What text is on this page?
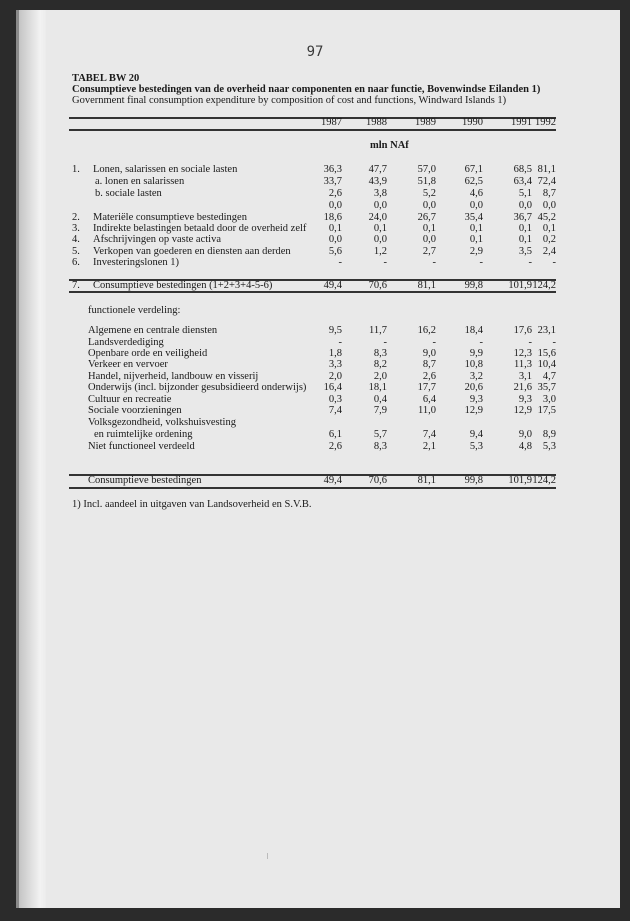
97
TABEL BW 20
Consumptieve bestedingen van de overheid naar componenten en naar functie, Bovenwindse Eilanden 1)
Government final consumption expenditure by composition of cost and functions, Windward Islands 1)
1987	1988	1989	1990	1991 1992
mln NAf
1. Lonen, salarissen en sociale lasten	36,3	47,7	57,0	67,1	68,5 81,1
a. lonen en salarissen	33,7	43,9	51,8	62,5	63,4 72,4
b. sociale lasten	2,6	3,8	5,2	4,6	5,1	8,7
0,0	0,0	0,0	0,0	0,0	0,0
2. Materiële consumptieve bestedingen	18,6	24,0	26,7	35,4	36,7 45,2
3. Indirekte belastingen betaald door de overheid zelf	0,1	0,1	0,1	0,1	0,1	0,1
4. Afschrijvingen op vaste activa	0,0	0,0	0,0	0,1	0,1	0,2
5. Verkopen van goederen en diensten aan derden	5,6	1,2	2,7	2,9	3,5	2,4
6. Investeringslonen 1)	-	-	-	-	-	-
7. Consumptieve bestedingen (1+2+3+4-5-6)	49,4	70,6	81,1	99,8	101,9 124,2
functionele verdeling:
Algemene en centrale diensten	9,5	11,7	16,2	18,4	17,6 23,1
Landsverdediging	-	-	-	-	-	-
Openbare orde en veiligheid	1,8	8,3	9,0	9,9	12,3 15,6
Verkeer en vervoer	3,3	8,2	8,7	10,8	11,3 10,4
Handel, nijverheid, landbouw en visserij	2,0	2,0	2,6	3,2	3,1	4,7
Onderwijs (incl. bijzonder gesubsidieerd onderwijs)	16,4	18,1	17,7	20,6	21,6 35,7
Cultuur en recreatie	0,3	0,4	6,4	9,3	9,3	3,0
Sociale voorzieningen	7,4	7,9	11,0	12,9	12,9 17,5
Volksgezondheid, volkshuisvesting
en ruimtelijke ordening	6,1	5,7	7,4	9,4	9,0	8,9
Niet functioneel verdeeld	2,6	8,3	2,1	5,3	4,8	5,3
Consumptieve bestedingen	49,4	70,6	81,1	99,8	101,9 124,2
1) Incl. aandeel in uitgaven van Landsoverheid en S.V.B.
